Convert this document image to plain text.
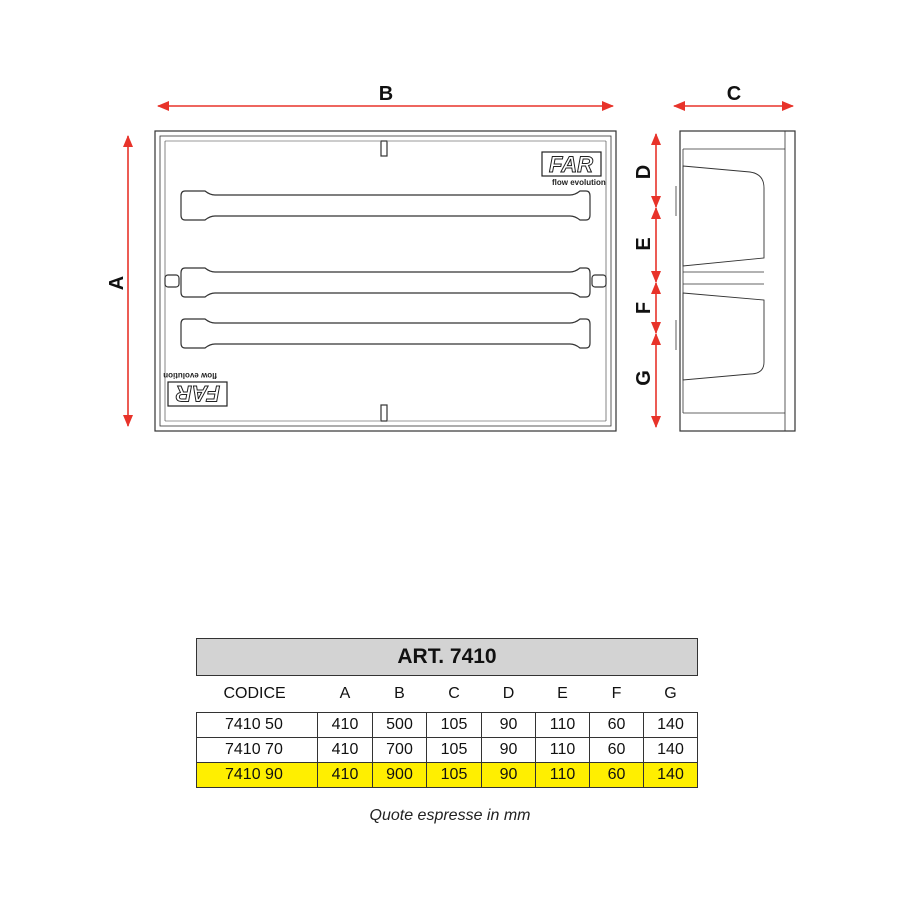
FAR
flow evolution
FAR
flow evolution
B	C
A
D
E
F
G
ART. 7410							
CODICE	A	B	C	D	E	F	G
7410 50	410	500	105	90	110	60	140
7410 70	410	700	105	90	110	60	140
7410 90	410	900	105	90	110	60	140
Quote espresse in mm
